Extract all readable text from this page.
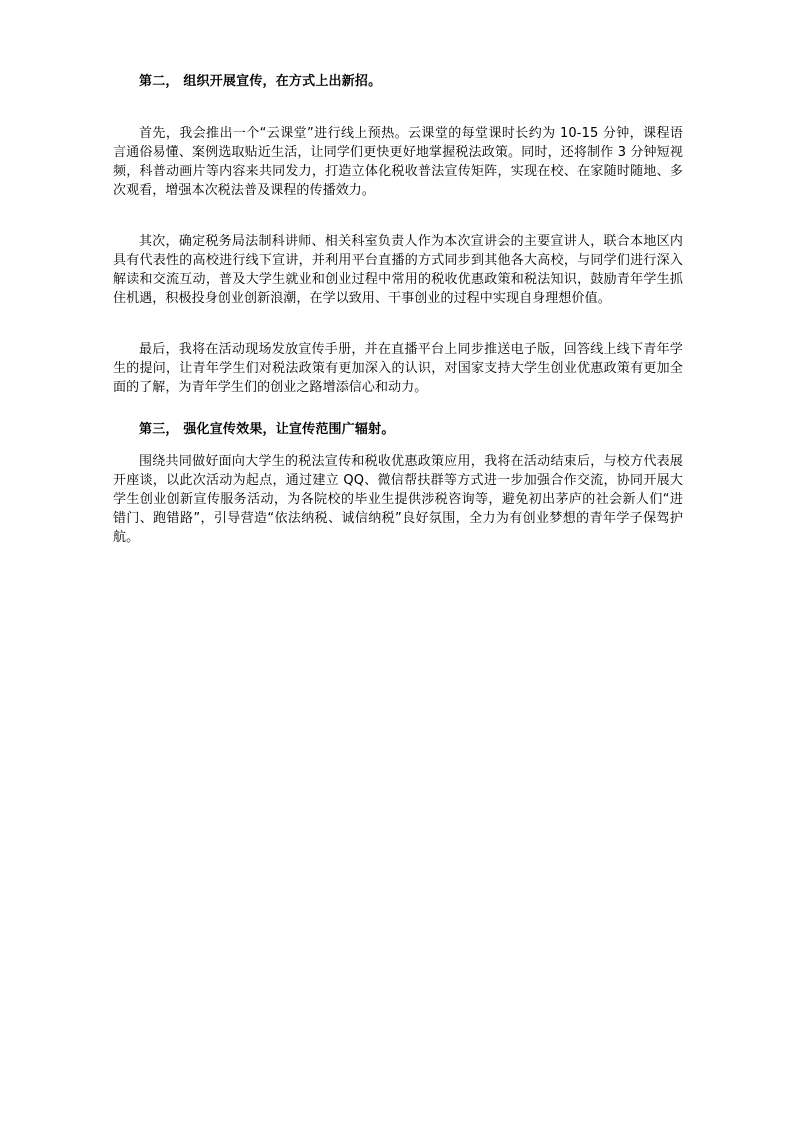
第二， 组织开展宣传，在方式上出新招。

首先，我会推出一个“云课堂”进行线上预热。云课堂的每堂课时长约为 10-15 分钟，课程语言通俗易懂、案例选取贴近生活，让同学们更快更好地掌握税法政策。同时，还将制作 3 分钟短视频，科普动画片等内容来共同发力，打造立体化税收普法宣传矩阵，实现在校、在家随时随地、多次观看，增强本次税法普及课程的传播效力。

其次，确定税务局法制科讲师、相关科室负责人作为本次宣讲会的主要宣讲人，联合本地区内具有代表性的高校进行线下宣讲，并利用平台直播的方式同步到其他各大高校，与同学们进行深入解读和交流互动，普及大学生就业和创业过程中常用的税收优惠政策和税法知识，鼓励青年学生抓住机遇，积极投身创业创新浪潮，在学以致用、干事创业的过程中实现自身理想价值。

最后，我将在活动现场发放宣传手册，并在直播平台上同步推送电子版，回答线上线下青年学生的提问，让青年学生们对税法政策有更加深入的认识，对国家支持大学生创业优惠政策有更加全面的了解，为青年学生们的创业之路增添信心和动力。

第三， 强化宣传效果，让宣传范围广辐射。

围绕共同做好面向大学生的税法宣传和税收优惠政策应用，我将在活动结束后，与校方代表展开座谈，以此次活动为起点，通过建立 QQ、微信帮扶群等方式进一步加强合作交流，协同开展大学生创业创新宣传服务活动，为各院校的毕业生提供涉税咨询等，避免初出茅庐的社会新人们“进错门、跑错路”，引导营造“依法纳税、诚信纳税”良好氛围，全力为有创业梦想的青年学子保驾护航。
